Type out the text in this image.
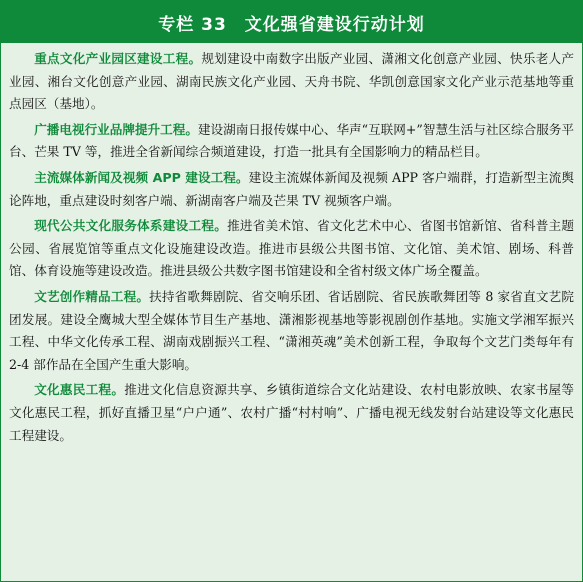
专栏 33 文化强省建设行动计划

重点文化产业园区建设工程。规划建设中南数字出版产业园、潇湘文化创意产业园、快乐老人产业园、湘台文化创意产业园、湖南民族文化产业园、天舟书院、华凯创意国家文化产业示范基地等重点园区（基地）。

广播电视行业品牌提升工程。建设湖南日报传媒中心、华声“互联网+”智慧生活与社区综合服务平台、芒果 TV 等，推进全省新闻综合频道建设，打造一批具有全国影响力的精品栏目。

主流媒体新闻及视频 APP 建设工程。建设主流媒体新闻及视频 APP 客户端群，打造新型主流舆论阵地，重点建设时刻客户端、新湖南客户端及芒果 TV 视频客户端。

现代公共文化服务体系建设工程。推进省美术馆、省文化艺术中心、省图书馆新馆、省科普主题公园、省展览馆等重点文化设施建设改造。推进市县级公共图书馆、文化馆、美术馆、剧场、科普馆、体育设施等建设改造。推进县级公共数字图书馆建设和全省村级文体广场全覆盖。

文艺创作精品工程。扶持省歌舞剧院、省交响乐团、省话剧院、省民族歌舞团等 8 家省直文艺院团发展。建设全鹰城大型全媒体节目生产基地、潇湘影视基地等影视剧创作基地。实施文学湘军振兴工程、中华文化传承工程、湖南戏剧振兴工程、“潇湘英魂”美术创新工程，争取每个文艺门类每年有 2-4 部作品在全国产生重大影响。

文化惠民工程。推进文化信息资源共享、乡镇街道综合文化站建设、农村电影放映、农家书屋等文化惠民工程，抓好直播卫星“户户通”、农村广播“村村响”、广播电视无线发射台站建设等文化惠民工程建设。
